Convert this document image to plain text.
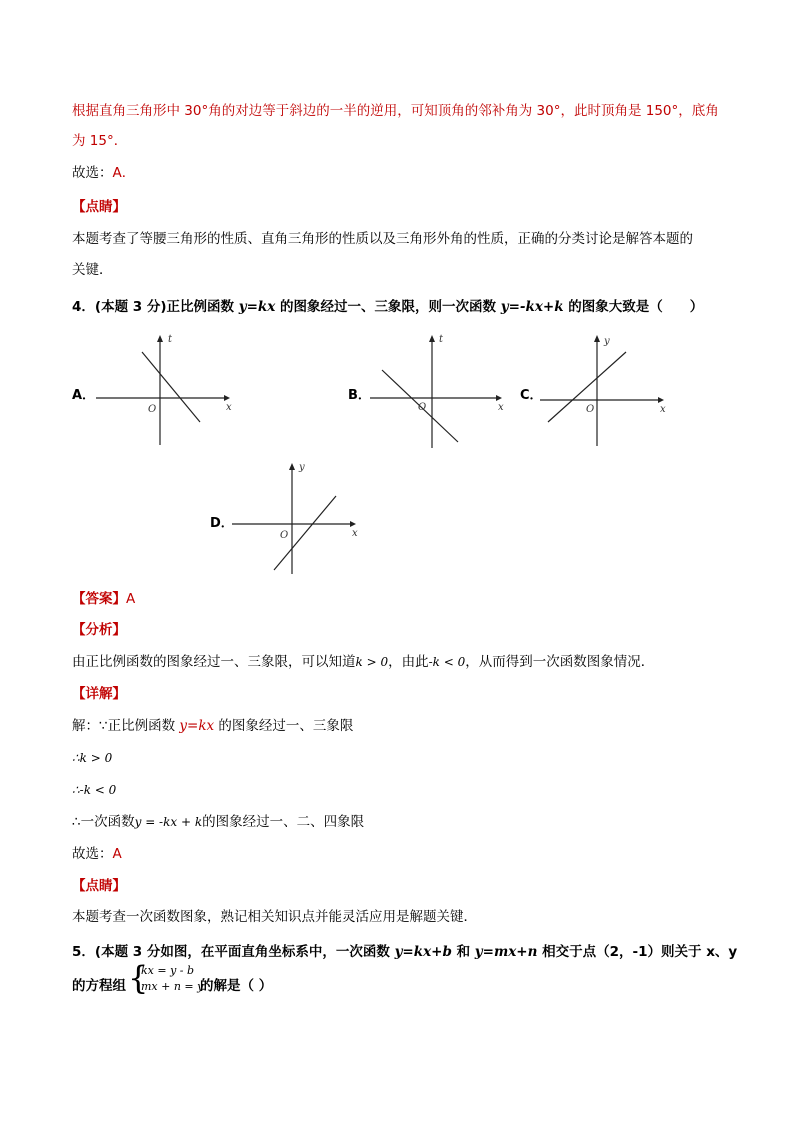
根据直角三角形中 30°角的对边等于斜边的一半的逆用，可知顶角的邻补角为 30°，此时顶角是 150°，底角
为 15°．
故选：A．
【点睛】
本题考查了等腰三角形的性质、直角三角形的性质以及三角形外角的性质，正确的分类讨论是解答本题的
关键．
4．(本题 3 分)正比例函数 y=kx 的图象经过一、三象限，则一次函数 y=-kx+k 的图象大致是（　　）
A．
O
t
x
B．
O
t
x
C．
O
y
x
D．
O
y
x
【答案】A
【分析】
由正比例函数的图象经过一、三象限，可以知道k > 0，由此-k < 0，从而得到一次函数图象情况．
【详解】
解：∵正比例函数 y=kx 的图象经过一、三象限
∴k > 0
∴-k < 0
∴一次函数y = -kx + k的图象经过一、二、四象限
故选：A
【点睛】
本题考查一次函数图象，熟记相关知识点并能灵活应用是解题关键．
5．(本题 3 分如图，在平面直角坐标系中，一次函数 y=kx+b 和 y=mx+n 相交于点（2，-1）则关于 x、y
的方程组 {
kx = y - b
mx + n = y
的解是（ ）
